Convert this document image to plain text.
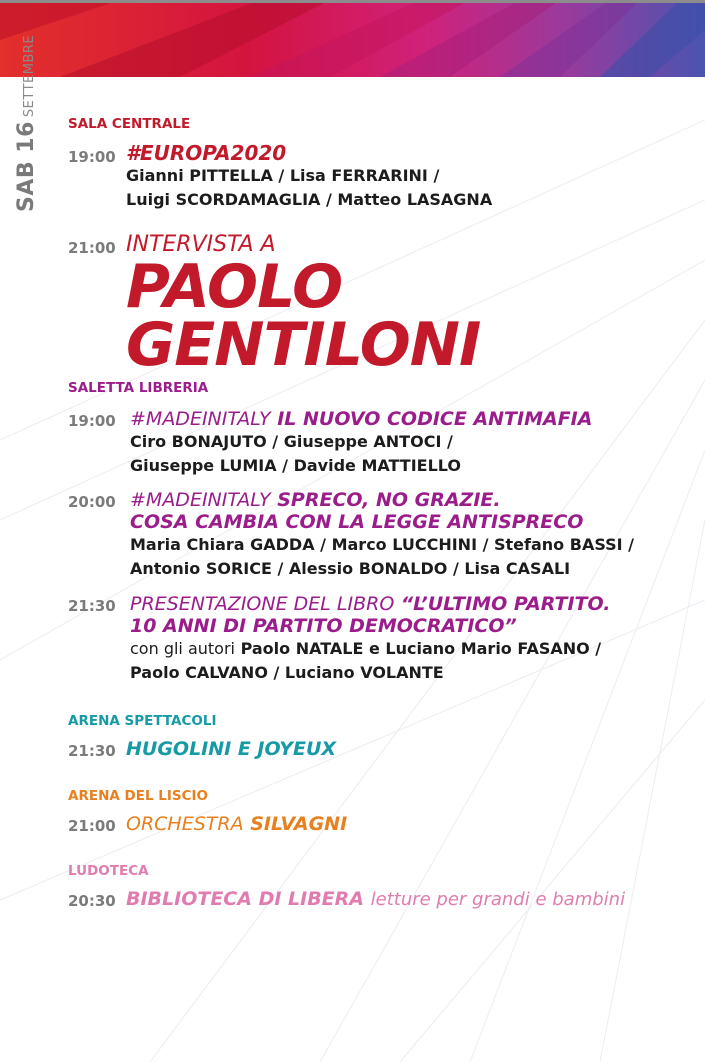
SAB 16
SETTEMBRE
SALA CENTRALE
19:00 #EUROPA2020
Gianni PITTELLA / Lisa FERRARINI /
Luigi SCORDAMAGLIA / Matteo LASAGNA
21:00 INTERVISTA A
PAOLO
GENTILONI
SALETTA LIBRERIA
19:00 #MADEINITALY IL NUOVO CODICE ANTIMAFIA
Ciro BONAJUTO / Giuseppe ANTOCI /
Giuseppe LUMIA / Davide MATTIELLO
20:00 #MADEINITALY SPRECO, NO GRAZIE.
COSA CAMBIA CON LA LEGGE ANTISPRECO
Maria Chiara GADDA / Marco LUCCHINI / Stefano BASSI /
Antonio SORICE / Alessio BONALDO / Lisa CASALI
21:30 PRESENTAZIONE DEL LIBRO “L’ULTIMO PARTITO.
10 ANNI DI PARTITO DEMOCRATICO”
con gli autori Paolo NATALE e Luciano Mario FASANO /
Paolo CALVANO / Luciano VOLANTE
ARENA SPETTACOLI
21:30 HUGOLINI E JOYEUX
ARENA DEL LISCIO
21:00 ORCHESTRA SILVAGNI
LUDOTECA
20:30 BIBLIOTECA DI LIBERA letture per grandi e bambini
